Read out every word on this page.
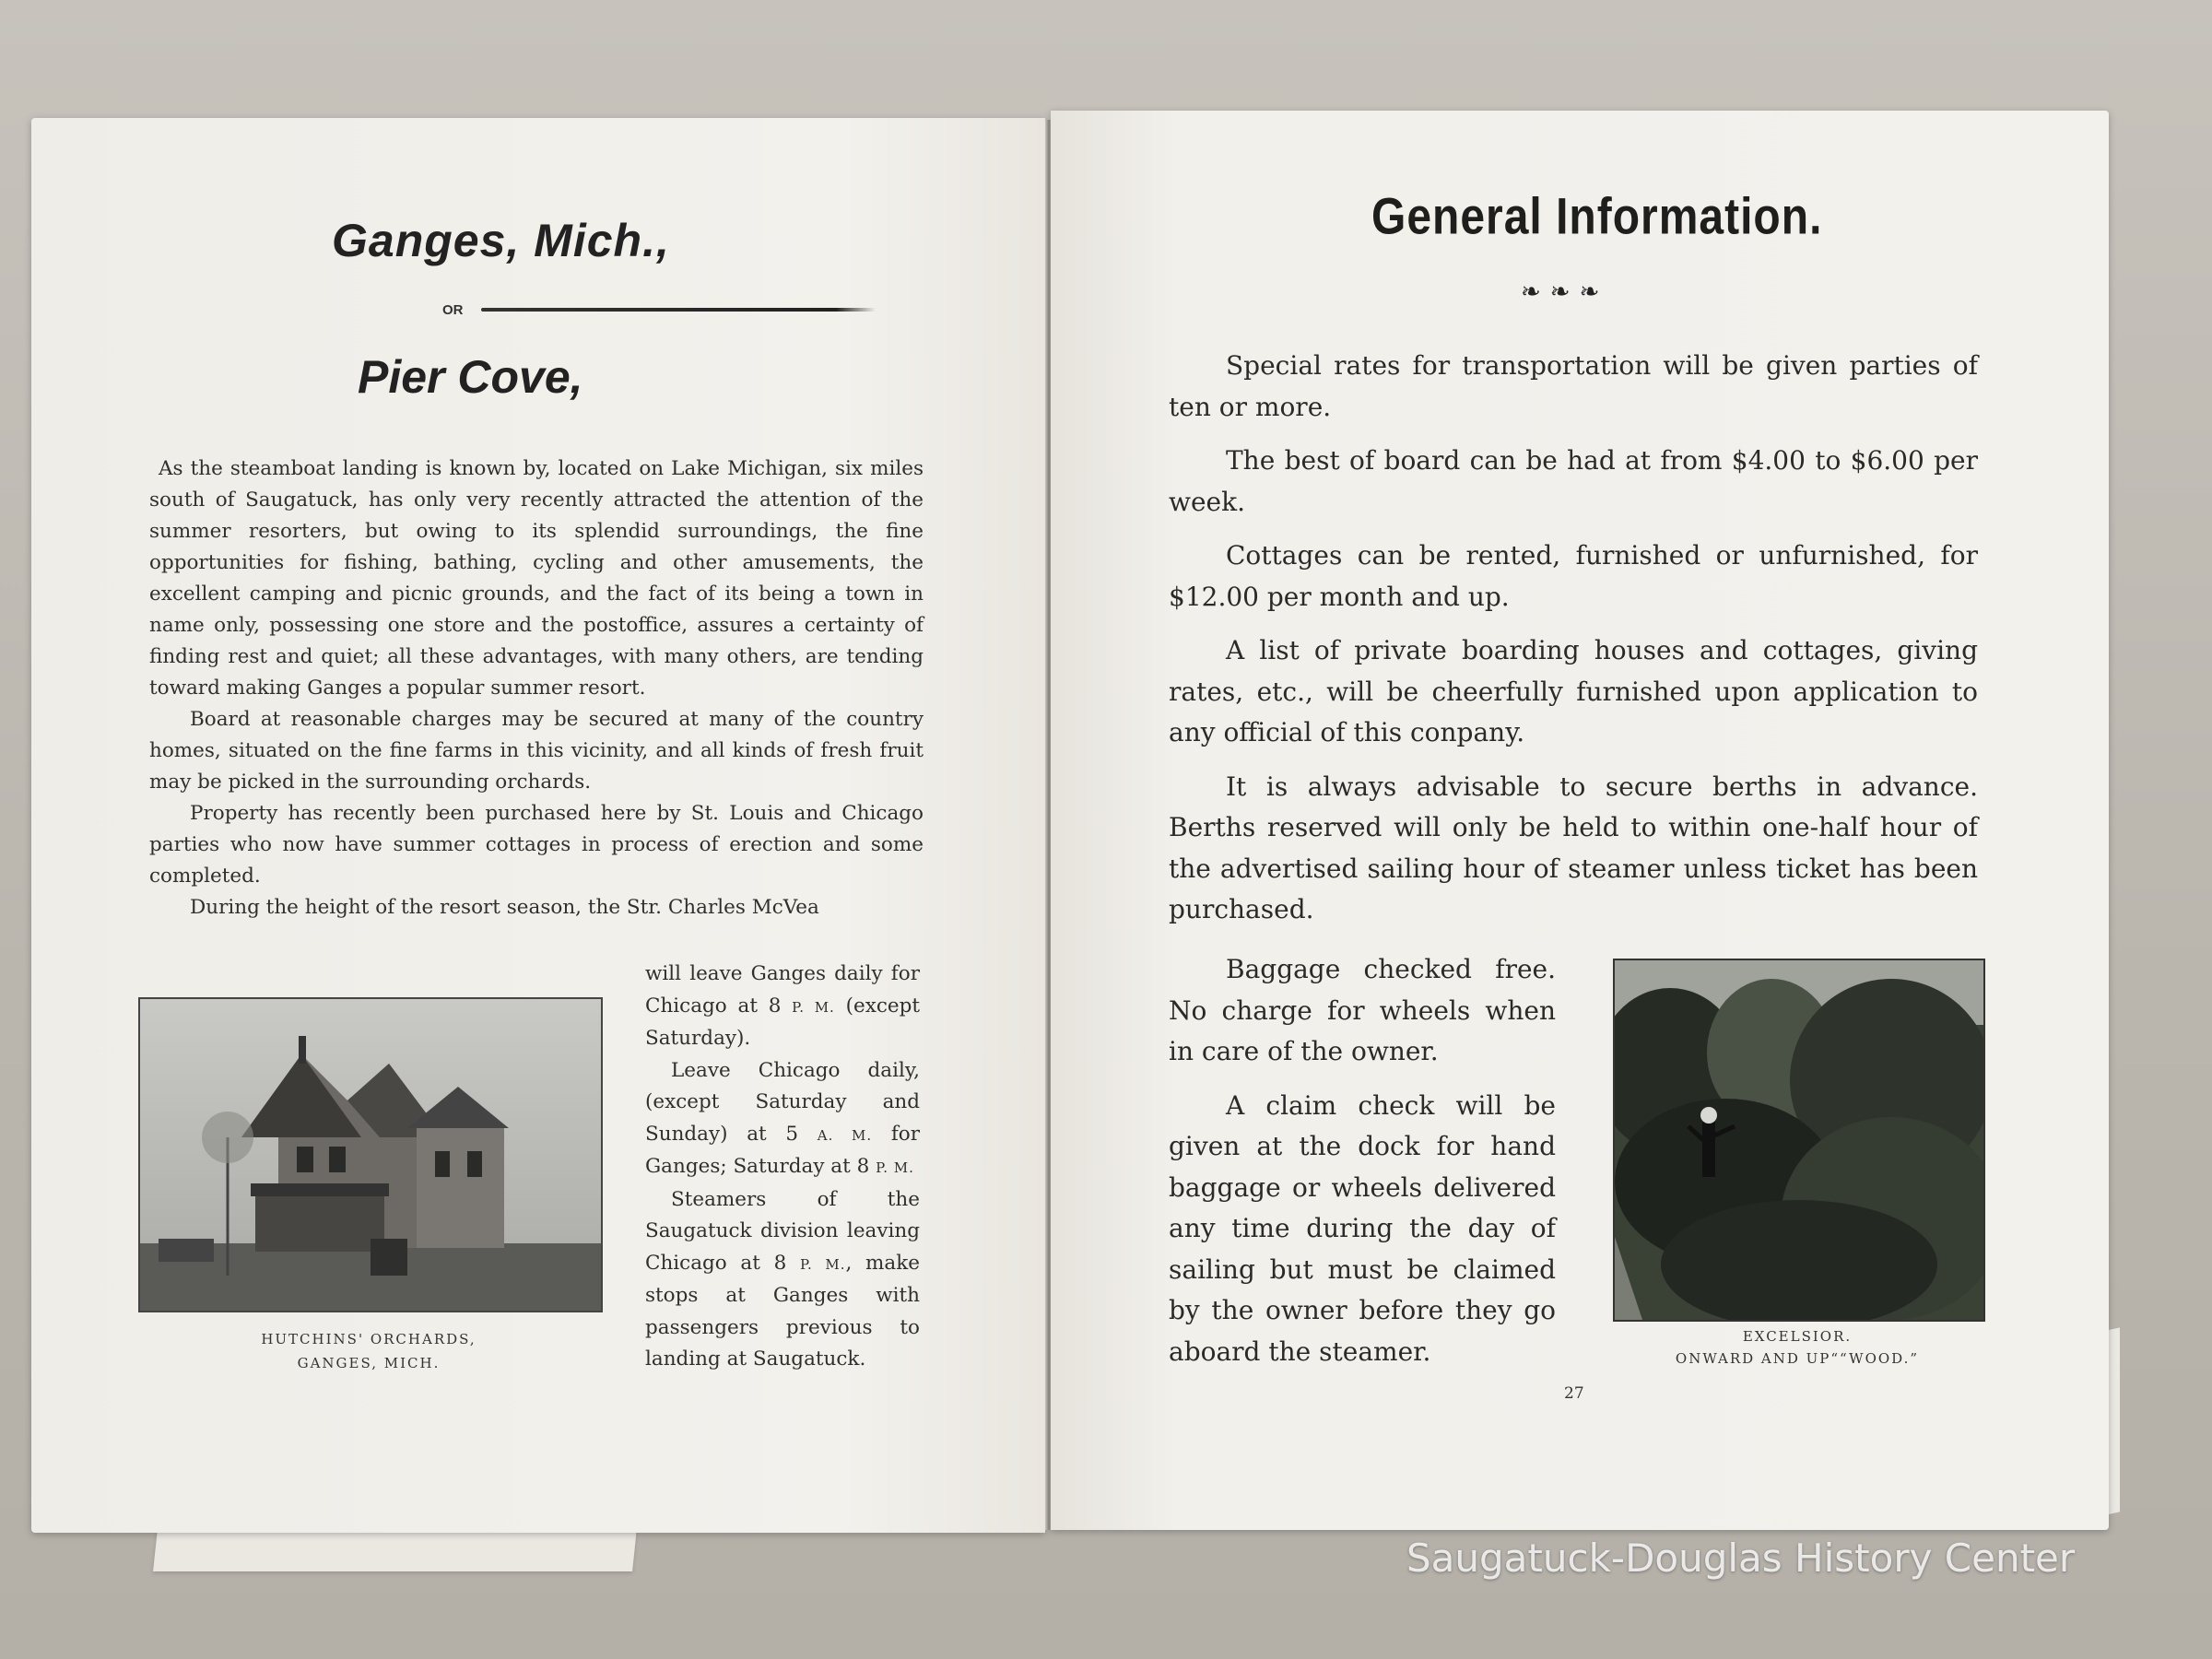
Ganges, Mich.,
OR
Pier Cove,

As the steamboat landing is known by, located on Lake Michigan, six miles south of Saugatuck, has only very recently attracted the attention of the summer resorters, but owing to its splendid surroundings, the fine opportunities for fishing, bathing, cycling and other amusements, the excellent camping and picnic grounds, and the fact of its being a town in name only, possessing one store and the postoffice, assures a certainty of finding rest and quiet; all these advantages, with many others, are tending toward making Ganges a popular summer resort.

Board at reasonable charges may be secured at many of the country homes, situated on the fine farms in this vicinity, and all kinds of fresh fruit may be picked in the surrounding orchards.

Property has recently been purchased here by St. Louis and Chicago parties who now have summer cottages in process of erection and some completed.

During the height of the resort season, the Str. Charles McVea

HUTCHINS' ORCHARDS,
GANGES, MICH.

will leave Ganges daily for Chicago at 8 P. M. (except Saturday).

Leave Chicago daily, (except Saturday and Sunday) at 5 A. M. for Ganges; Saturday at 8 P. M.

Steamers of the Saugatuck division leaving Chicago at 8 P. M., make stops at Ganges with passengers previous to landing at Saugatuck.

General Information.
❧❧❧

Special rates for transportation will be given parties of ten or more.

The best of board can be had at from $4.00 to $6.00 per week.

Cottages can be rented, furnished or unfurnished, for $12.00 per month and up.

A list of private boarding houses and cottages, giving rates, etc., will be cheerfully furnished upon application to any official of this conpany.

It is always advisable to secure berths in advance. Berths reserved will only be held to within one-half hour of the advertised sailing hour of steamer unless ticket has been purchased.

Baggage checked free. No charge for wheels when in care of the owner.

A claim check will be given at the dock for hand baggage or wheels delivered any time during the day of sailing but must be claimed by the owner before they go aboard the steamer.	EXCELSIOR.
ONWARD AND UP““WOOD.”
27
Saugatuck-Douglas History Center
